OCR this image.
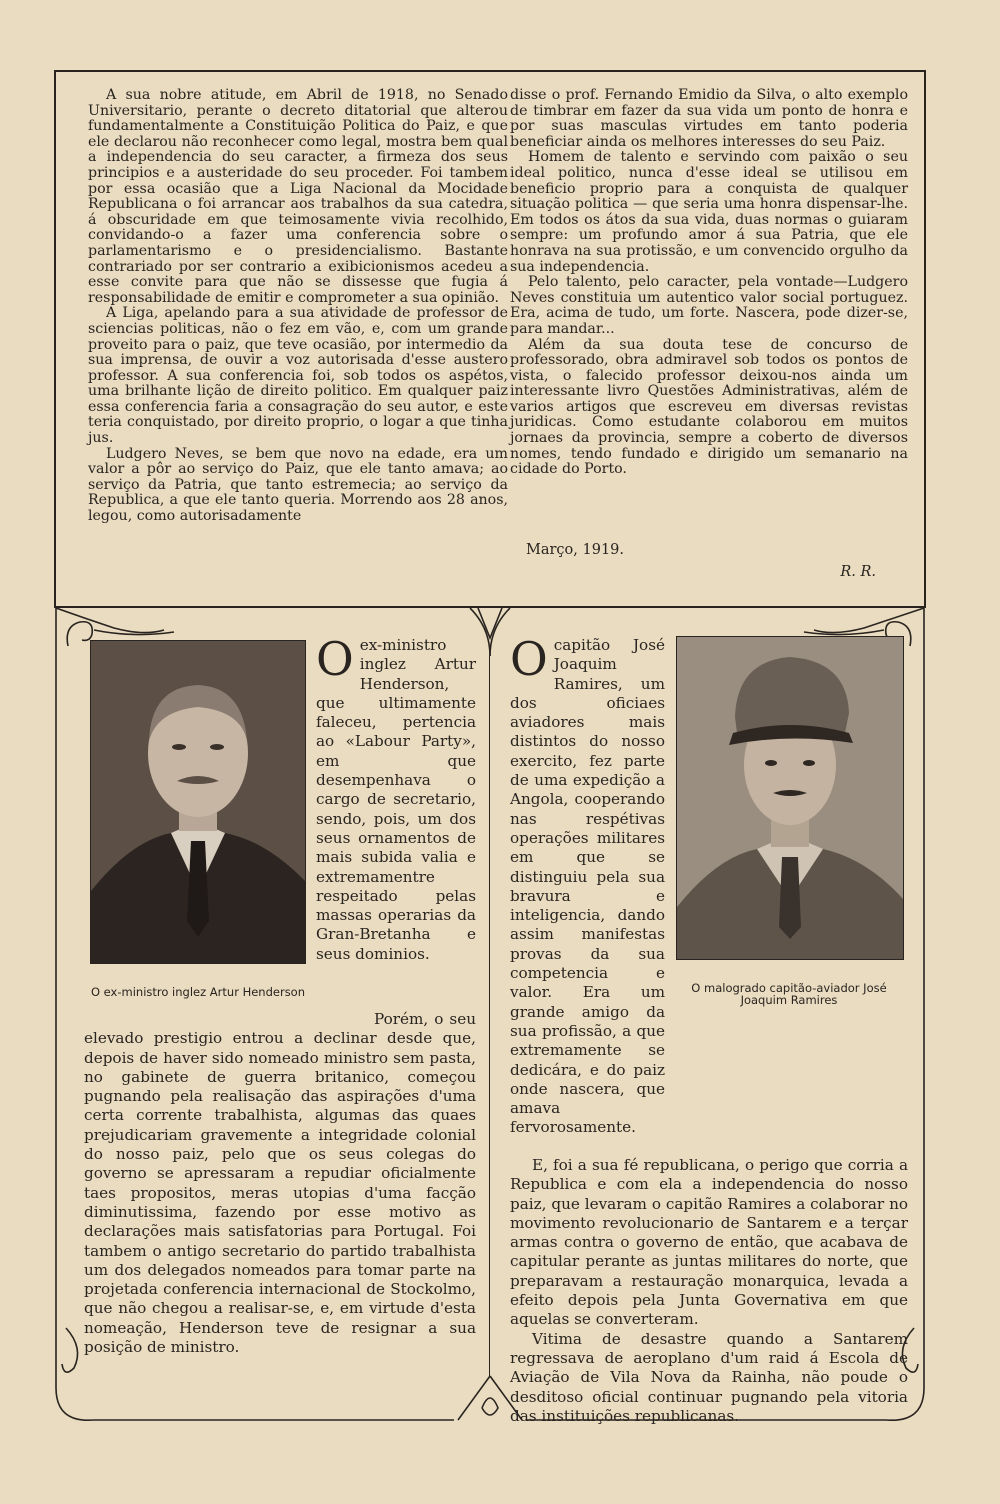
A sua nobre atitude, em Abril de 1918, no Senado Universitario, perante o decreto ditatorial que alterou fundamentalmente a Constituição Politica do Paiz, e que ele declarou não reconhecer como legal, mostra bem qual a independencia do seu caracter, a firmeza dos seus principios e a austeridade do seu proceder. Foi tambem por essa ocasião que a Liga Nacional da Mocidade Republicana o foi arrancar aos trabalhos da sua catedra, á obscuridade em que teimosamente vivia recolhido, convidando-o a fazer uma conferencia sobre o parlamentarismo e o presidencialismo. Bastante contrariado por ser contrario a exibicionismos acedeu a esse convite para que não se dissesse que fugia á responsabilidade de emitir e comprometer a sua opinião.

A Liga, apelando para a sua atividade de professor de sciencias politicas, não o fez em vão, e, com um grande proveito para o paiz, que teve ocasião, por intermedio da sua imprensa, de ouvir a voz autorisada d'esse austero professor. A sua conferencia foi, sob todos os aspétos, uma brilhante lição de direito politico. Em qualquer paiz essa conferencia faria a consagração do seu autor, e este teria conquistado, por direito proprio, o logar a que tinha jus.

Ludgero Neves, se bem que novo na edade, era um valor a pôr ao serviço do Paiz, que ele tanto amava; ao serviço da Patria, que tanto estremecia; ao serviço da Republica, a que ele tanto queria. Morrendo aos 28 anos, legou, como autorisadamente

disse o prof. Fernando Emidio da Silva, o alto exemplo de timbrar em fazer da sua vida um ponto de honra e por suas masculas virtudes em tanto poderia beneficiar ainda os melhores interesses do seu Paiz.

Homem de talento e servindo com paixão o seu ideal politico, nunca d'esse ideal se utilisou em beneficio proprio para a conquista de qualquer situação politica — que seria uma honra dispensar-lhe. Em todos os átos da sua vida, duas normas o guiaram sempre: um profundo amor á sua Patria, que ele honrava na sua protissão, e um convencido orgulho da sua independencia.

Pelo talento, pelo caracter, pela vontade—Ludgero Neves constituia um autentico valor social portuguez. Era, acima de tudo, um forte. Nascera, pode dizer-se, para mandar...

Além da sua douta tese de concurso de professorado, obra admiravel sob todos os pontos de vista, o falecido professor deixou-nos ainda um interessante livro Questões Administrativas, além de varios artigos que escreveu em diversas revistas juridicas. Como estudante colaborou em muitos jornaes da provincia, sempre a coberto de diversos nomes, tendo fundado e dirigido um semanario na cidade do Porto.

Março, 1919.
R. R.
O ex-ministro inglez Artur Henderson

O ex-ministro inglez Artur Henderson, que ultimamente faleceu, pertencia ao «Labour Party», em que desempenhava o cargo de secretario, sendo, pois, um dos seus ornamentos de mais subida valia e extremamentre respeitado pelas massas operarias da Gran-Bretanha e seus dominios.

Porém, o seu elevado prestigio entrou a declinar desde que, depois de haver sido nomeado ministro sem pasta, no gabinete de guerra britanico, começou pugnando pela realisação das aspirações d'uma certa corrente trabalhista, algumas das quaes prejudicariam gravemente a integridade colonial do nosso paiz, pelo que os seus colegas do governo se apressaram a repudiar oficialmente taes propositos, meras utopias d'uma facção diminutissima, fazendo por esse motivo as declarações mais satisfatorias para Portugal. Foi tambem o antigo secretario do partido trabalhista um dos delegados nomeados para tomar parte na projetada conferencia internacional de Stockolmo, que não chegou a realisar-se, e, em virtude d'esta nomeação, Henderson teve de resignar a sua posição de ministro.

O capitão José Joaquim Ramires, um dos oficiaes aviadores mais distintos do nosso exercito, fez parte de uma expedição a Angola, cooperando nas respétivas operações militares em que se distinguiu pela sua bravura e inteligencia, dando assim manifestas provas da sua competencia e valor. Era um grande amigo da sua profissão, a que extremamente se dedicára, e do paiz onde nascera, que amava fervorosamente.

O malogrado capitão-aviador José Joaquim Ramires

E, foi a sua fé republicana, o perigo que corria a Republica e com ela a independencia do nosso paiz, que levaram o capitão Ramires a colaborar no movimento revolucionario de Santarem e a terçar armas contra o governo de então, que acabava de capitular perante as juntas militares do norte, que preparavam a restauração monarquica, levada a efeito depois pela Junta Governativa em que aquelas se converteram.

Vitima de desastre quando a Santarem regressava de aeroplano d'um raid á Escola de Aviação de Vila Nova da Rainha, não poude o desditoso oficial continuar pugnando pela vitoria das instituições republicanas.
